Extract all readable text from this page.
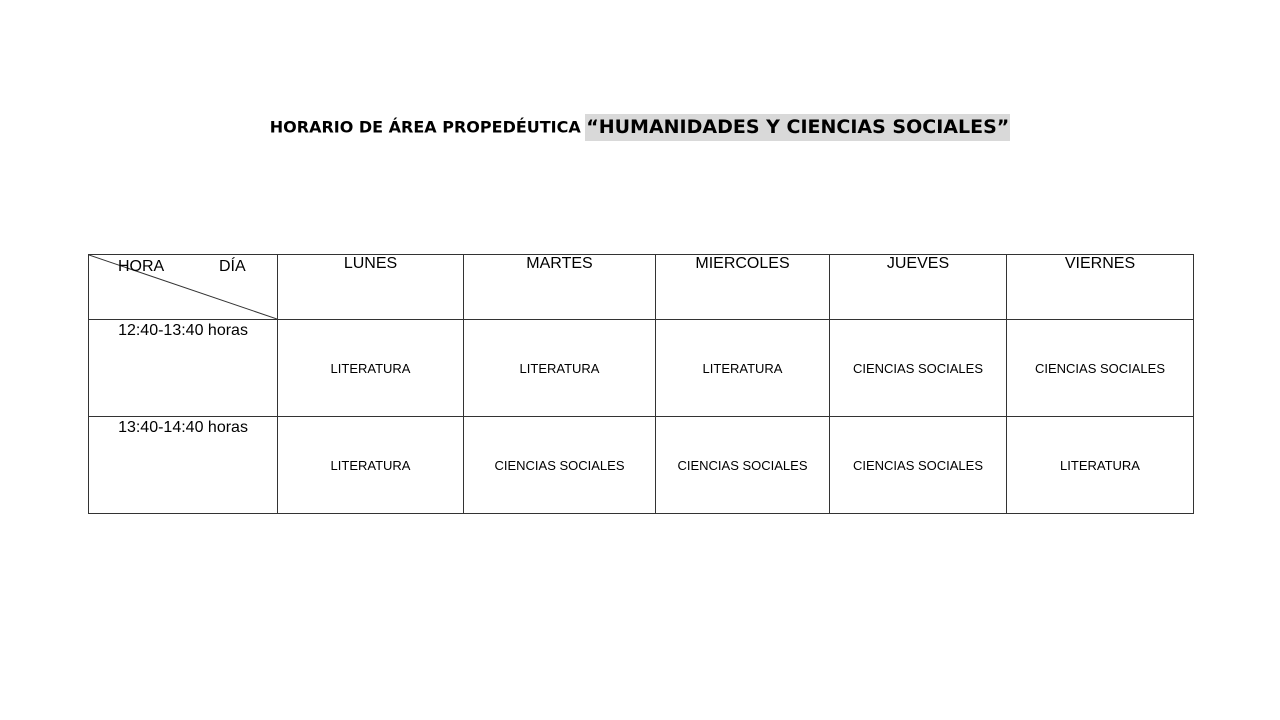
HORARIO DE ÁREA PROPEDÉUTICA “HUMANIDADES Y CIENCIAS SOCIALES”
HORA DÍA	LUNES	MARTES	MIERCOLES	JUEVES	VIERNES
12:40-13:40 horas	LITERATURA	LITERATURA	LITERATURA	CIENCIAS SOCIALES	CIENCIAS SOCIALES
13:40-14:40 horas	LITERATURA	CIENCIAS SOCIALES	CIENCIAS SOCIALES	CIENCIAS SOCIALES	LITERATURA
